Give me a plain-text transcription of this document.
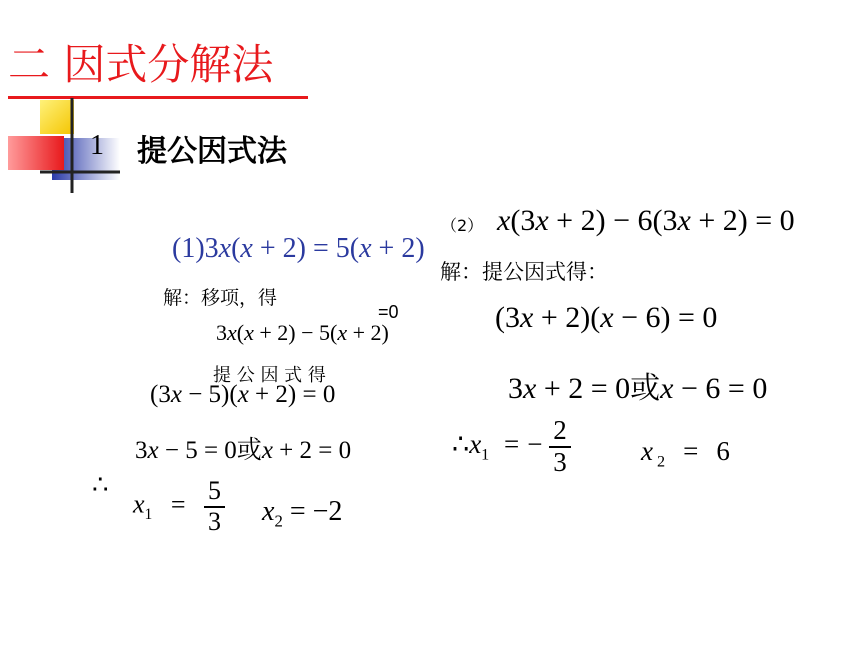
二 因式分解法
1 提公因式法
(1)3x(x + 2) = 5(x + 2)
解：移项，得
=0
3x(x + 2) − 5(x + 2)
提 公 因 式 得
(3x − 5)(x + 2) = 0
3x − 5 = 0或x + 2 = 0
∴
$x_1 = \frac{5}{3} x_2 = -2$
（2） x(3x + 2) − 6(3x + 2) = 0
解：提公因式得：
(3x + 2)(x − 6) = 0
3x + 2 = 0或x − 6 = 0
$\therefore x_1$ = − $\frac{2}{3}$	x $_2$ = 6
